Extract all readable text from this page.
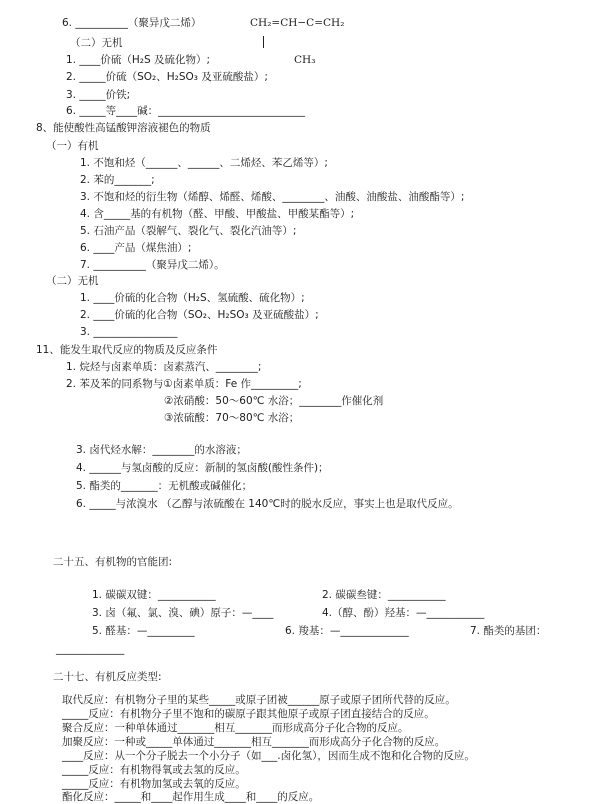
6. __________（聚异戊二烯）	CH₂=CH−C=CH₂
（二）无机
1. ____价硫（H₂S 及硫化物）;	CH₃
2. _____价硫（SO₂、H₂SO₃ 及亚硫酸盐）;
3. _____价铁;
6. _____等____碱：____________________________
8、能使酸性高锰酸钾溶液褪色的物质
（一）有机
1. 不饱和烃（______、______、二烯烃、苯乙烯等）;
2. 苯的_______;
3. 不饱和烃的衍生物（烯醇、烯醛、烯酸、________、油酸、油酸盐、油酸酯等）;
4. 含_____基的有机物（醛、甲酸、甲酸盐、甲酸某酯等）;
5. 石油产品（裂解气、裂化气、裂化汽油等）;
6. ____产品（煤焦油）;
7. __________（聚异戊二烯）。
（二）无机
1. ____价硫的化合物（H₂S、氢硫酸、硫化物）;
2. ____价硫的化合物（SO₂、H₂SO₃ 及亚硫酸盐）;
3. ________________
11、能发生取代反应的物质及反应条件
1. 烷烃与卤素单质：卤素蒸汽、________;
2. 苯及苯的同系物与①卤素单质：Fe 作_________;
②浓硝酸：50～60℃ 水浴；________作催化剂
③浓硫酸：70～80℃ 水浴；
3. 卤代烃水解：________的水溶液；
4. ______与氢卤酸的反应：新制的氢卤酸(酸性条件)；
5. 酯类的_______：无机酸或碱催化；
6. _____与浓溴水 （乙醇与浓硫酸在 140℃时的脱水反应，事实上也是取代反应。
二十五、有机物的官能团:
1. 碳碳双键：___________	2. 碳碳叁键：___________
3. 卤（氟、氯、溴、碘）原子：—____	4.（醇、酚）羟基：—___________
5. 醛基：—_________	6. 羧基：—_____________	7. 酯类的基团：
_____________
二十七、有机反应类型:
取代反应：有机物分子里的某些_____或原子团被______原子或原子团所代替的反应。
_____反应：有机物分子里不饱和的碳原子跟其他原子或原子团直接结合的反应。
聚合反应：一种单体通过_______相互_______而形成高分子化合物的反应。
加聚反应：一种或_____单体通过_______相互_______而形成高分子化合物的反应。
____反应：从一个分子脱去一个小分子（如___.卤化氢），因而生成不饱和化合物的反应。
_____反应：有机物得氧或去氢的反应。
_____反应：有机物加氢或去氧的反应。
酯化反应：_____和____起作用生成____和____的反应。
